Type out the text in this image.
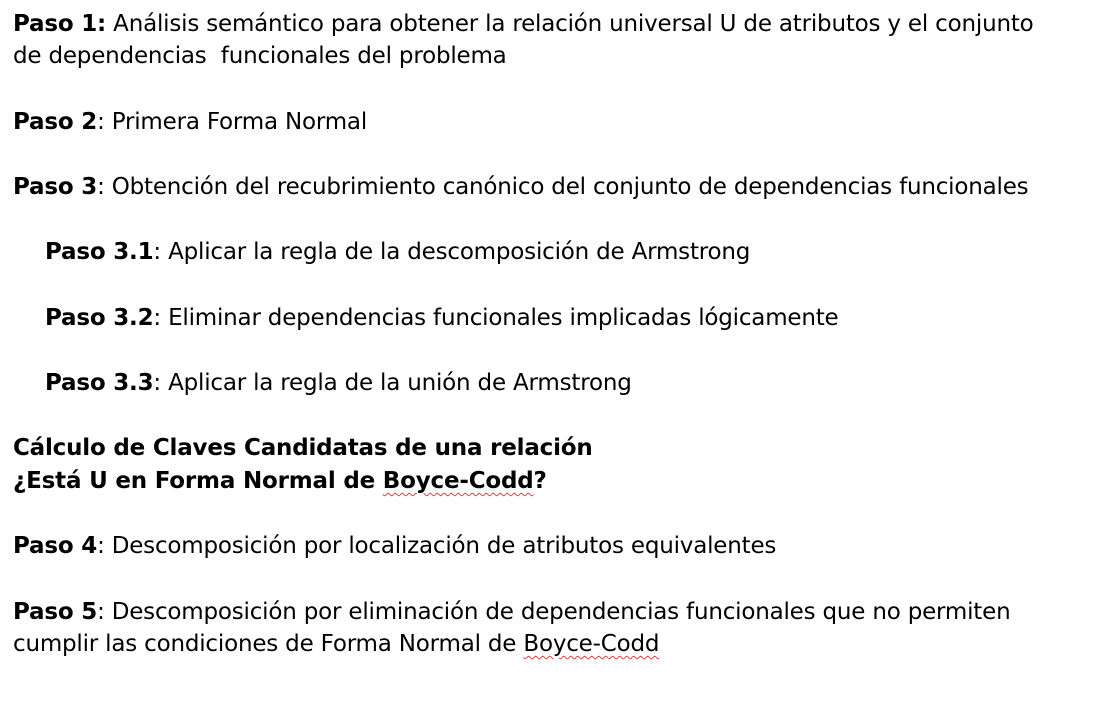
Paso 1: Análisis semántico para obtener la relación universal U de atributos y el conjunto
de dependencias  funcionales del problema
Paso 2: Primera Forma Normal
Paso 3: Obtención del recubrimiento canónico del conjunto de dependencias funcionales
Paso 3.1: Aplicar la regla de la descomposición de Armstrong
Paso 3.2: Eliminar dependencias funcionales implicadas lógicamente
Paso 3.3: Aplicar la regla de la unión de Armstrong
Cálculo de Claves Candidatas de una relación
¿Está U en Forma Normal de Boyce-Codd?
Paso 4: Descomposición por localización de atributos equivalentes
Paso 5: Descomposición por eliminación de dependencias funcionales que no permiten
cumplir las condiciones de Forma Normal de Boyce-Codd
